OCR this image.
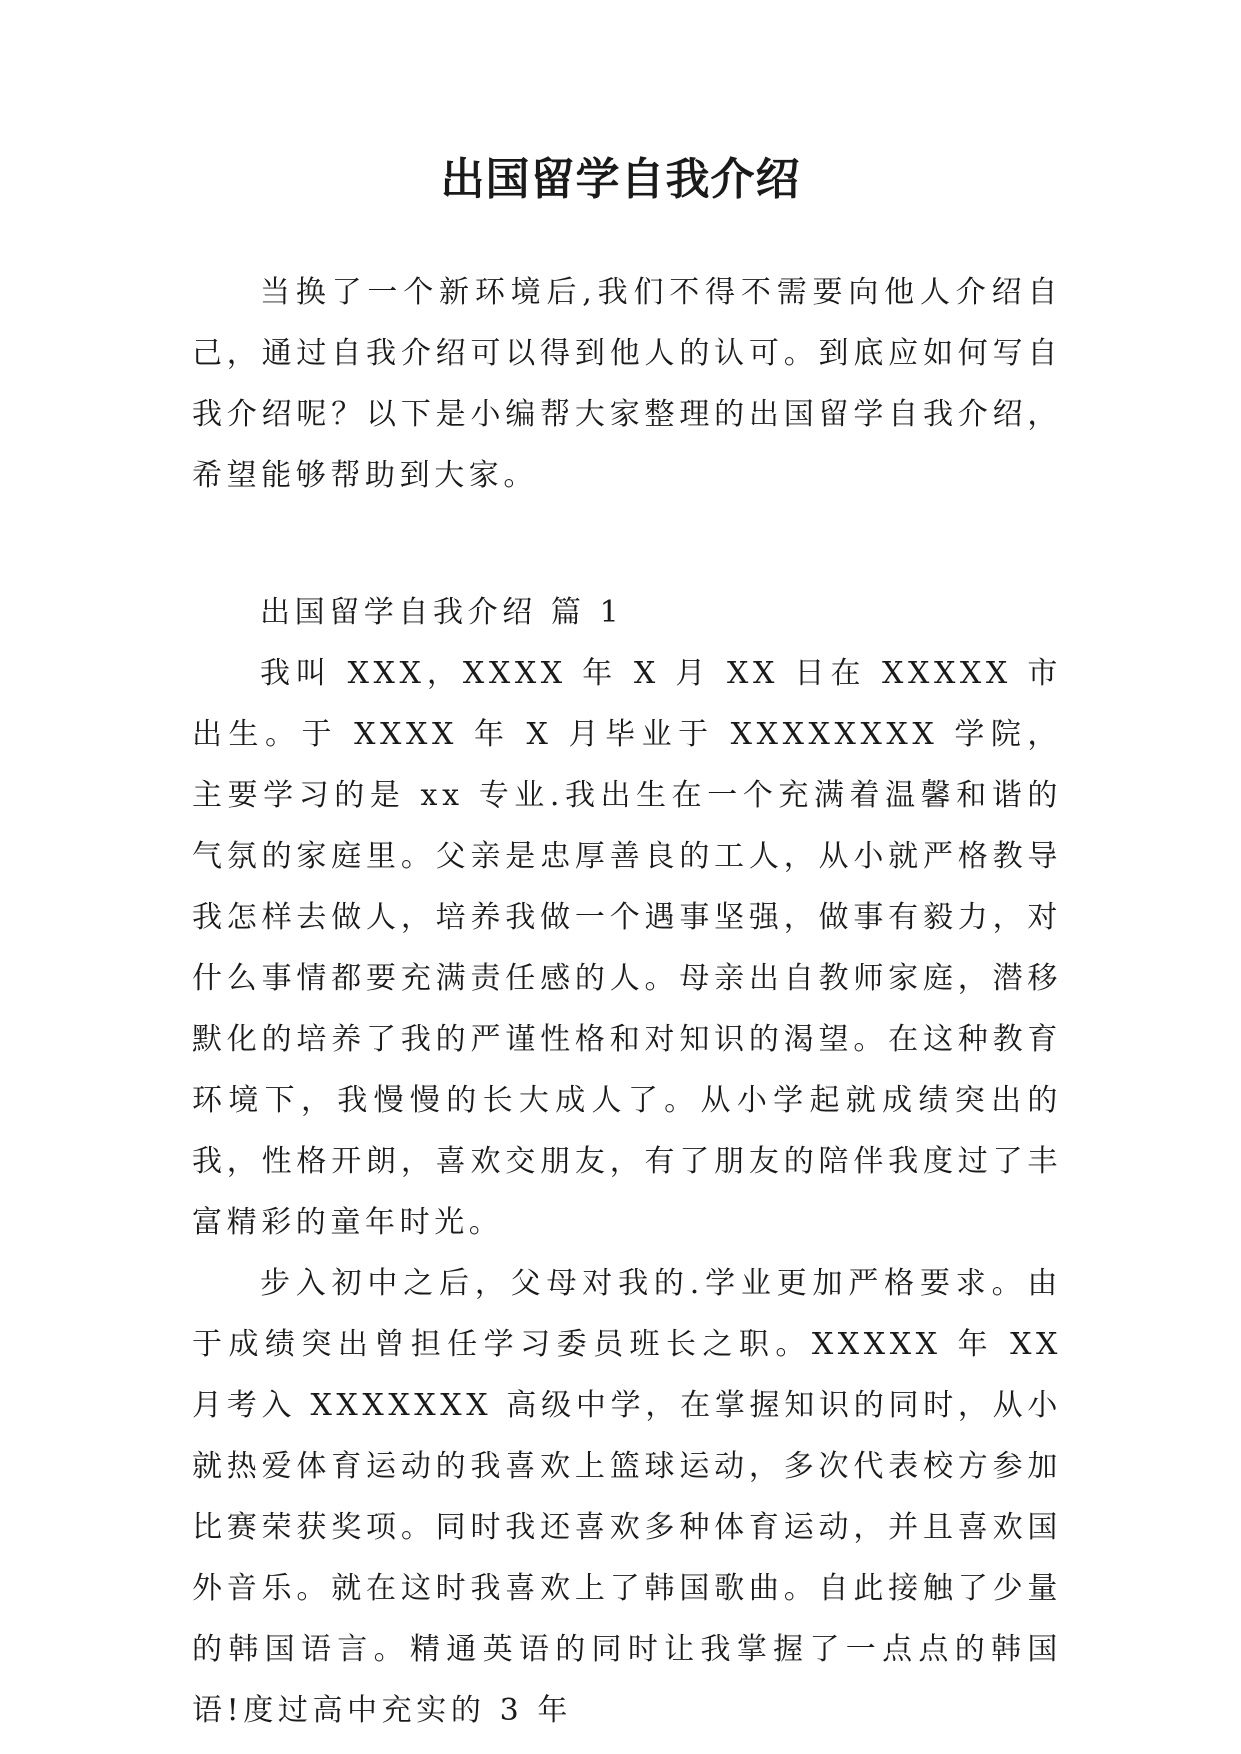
出国留学自我介绍

当换了一个新环境后,我们不得不需要向他人介绍自己，通过自我介绍可以得到他人的认可。到底应如何写自我介绍呢？以下是小编帮大家整理的出国留学自我介绍，希望能够帮助到大家。

出国留学自我介绍 篇 1

我叫 XXX，XXXX 年 X 月 XX 日在 XXXXX 市出生。于 XXXX 年 X 月毕业于 XXXXXXXX 学院，主要学习的是 xx 专业.我出生在一个充满着温馨和谐的气氛的家庭里。父亲是忠厚善良的工人，从小就严格教导我怎样去做人，培养我做一个遇事坚强，做事有毅力，对什么事情都要充满责任感的人。母亲出自教师家庭，潜移默化的培养了我的严谨性格和对知识的渴望。在这种教育环境下，我慢慢的长大成人了。从小学起就成绩突出的我，性格开朗，喜欢交朋友，有了朋友的陪伴我度过了丰富精彩的童年时光。

步入初中之后，父母对我的.学业更加严格要求。由于成绩突出曾担任学习委员班长之职。XXXXX 年 XX 月考入 XXXXXXX 高级中学，在掌握知识的同时，从小就热爱体育运动的我喜欢上篮球运动，多次代表校方参加比赛荣获奖项。同时我还喜欢多种体育运动，并且喜欢国外音乐。就在这时我喜欢上了韩国歌曲。自此接触了少量的韩国语言。精通英语的同时让我掌握了一点点的韩国语!度过高中充实的 3 年
